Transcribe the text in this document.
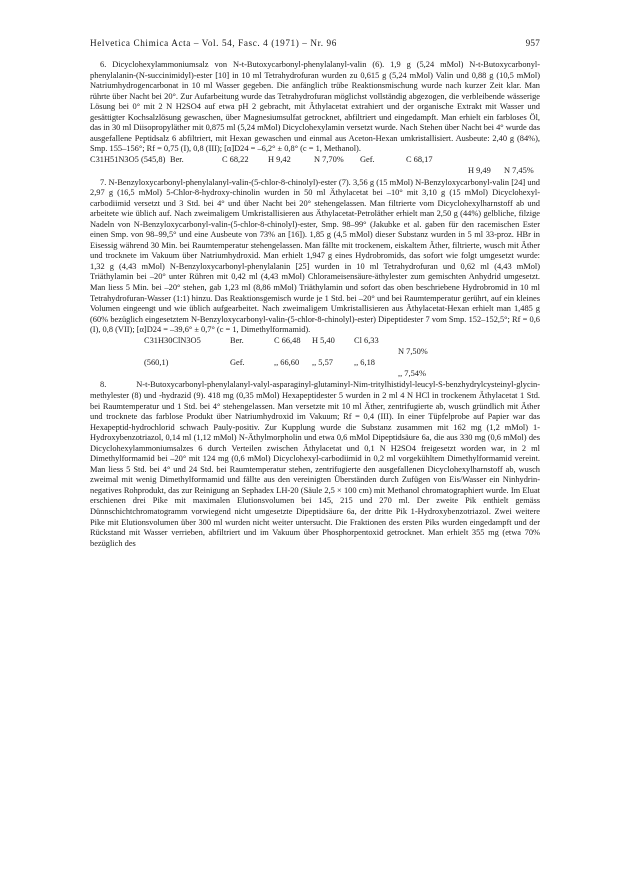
Helvetica Chimica Acta – Vol. 54, Fasc. 4 (1971) – Nr. 96	957

6. Dicyclohexylammoniumsalz von N-t-Butoxycarbonyl-phenylalanyl-valin (6). 1,9 g (5,24 mMol) N-t-Butoxycarbonyl-phenylalanin-(N-succinimidyl)-ester [10] in 10 ml Tetrahydrofuran wurden zu 0,615 g (5,24 mMol) Valin und 0,88 g (10,5 mMol) Natriumhydrogencarbonat in 10 ml Wasser gegeben. Die anfänglich trübe Reaktionsmischung wurde nach kurzer Zeit klar. Man rührte über Nacht bei 20°. Zur Aufarbeitung wurde das Tetrahydrofuran möglichst vollständig abgezogen, die verbleibende wässerige Lösung bei 0° mit 2 N H2SO4 auf etwa pH 2 gebracht, mit Äthylacetat extrahiert und der organische Extrakt mit Wasser und gesättigter Kochsalzlösung gewaschen, über Magnesiumsulfat getrocknet, abfiltriert und eingedampft. Man erhielt ein farbloses Öl, das in 30 ml Diisopropyläther mit 0,875 ml (5,24 mMol) Dicyclohexylamin versetzt wurde. Nach Stehen über Nacht bei 4° wurde das ausgefallene Peptidsalz 6 abfiltriert, mit Hexan gewaschen und einmal aus Aceton-Hexan umkristallisiert. Ausbeute: 2,40 g (84%), Smp. 155–156°; Rf = 0,75 (I), 0,8 (III); [α]D24 = –6,2° ± 0,8° (c = 1, Methanol).

C31H51N3O5 (545,8) Ber.	C 68,22	H 9,42	N 7,70%	Gef.	C 68,17
H 9,49	N 7,45%

7. N-Benzyloxycarbonyl-phenylalanyl-valin-(5-chlor-8-chinolyl)-ester (7). 3,56 g (15 mMol) N-Benzyloxycarbonyl-valin [24] und 2,97 g (16,5 mMol) 5-Chlor-8-hydroxy-chinolin wurden in 50 ml Äthylacetat bei –10° mit 3,10 g (15 mMol) Dicyclohexyl-carbodiimid versetzt und 3 Std. bei 4° und über Nacht bei 20° stehengelassen. Man filtrierte vom Dicyclohexylharnstoff ab und arbeitete wie üblich auf. Nach zweimaligem Umkristallisieren aus Äthylacetat-Petroläther erhielt man 2,50 g (44%) gelbliche, filzige Nadeln von N-Benzyloxycarbonyl-valin-(5-chlor-8-chinolyl)-ester, Smp. 98–99° (Jakubke et al. gaben für den racemischen Ester einen Smp. von 98–99,5° und eine Ausbeute von 73% an [16]). 1,85 g (4,5 mMol) dieser Substanz wurden in 5 ml 33-proz. HBr in Eisessig während 30 Min. bei Raumtemperatur stehengelassen. Man fällte mit trockenem, eiskaltem Äther, filtrierte, wusch mit Äther und trocknete im Vakuum über Natriumhydroxid. Man erhielt 1,947 g eines Hydrobromids, das sofort wie folgt umgesetzt wurde: 1,32 g (4,43 mMol) N-Benzyloxycarbonyl-phenylalanin [25] wurden in 10 ml Tetrahydrofuran und 0,62 ml (4,43 mMol) Triäthylamin bei –20° unter Rühren mit 0,42 ml (4,43 mMol) Chlorameisensäure-äthylester zum gemischten Anhydrid umgesetzt. Man liess 5 Min. bei –20° stehen, gab 1,23 ml (8,86 mMol) Triäthylamin und sofort das oben beschriebene Hydrobromid in 10 ml Tetrahydrofuran-Wasser (1:1) hinzu. Das Reaktionsgemisch wurde je 1 Std. bei –20° und bei Raumtemperatur gerührt, auf ein kleines Volumen eingeengt und wie üblich aufgearbeitet. Nach zweimaligem Umkristallisieren aus Äthylacetat-Hexan erhielt man 1,485 g (60% bezüglich eingesetztem N-Benzyloxycarbonyl-valin-(5-chlor-8-chinolyl)-ester) Dipeptidester 7 vom Smp. 152–152,5°; Rf = 0,6 (I), 0,8 (VII); [α]D24 = –39,6° ± 0,7° (c = 1, Dimethylformamid).

C31H30ClN3O5	Ber.	C 66,48	H 5,40	Cl 6,33
N 7,50%
(560,1)	Gef.	,, 66,60	,, 5,57	,, 6,18
,, 7,54%

8. N-t-Butoxycarbonyl-phenylalanyl-valyl-asparaginyl-glutaminyl-Nim-tritylhistidyl-leucyl-S-benzhydrylcysteinyl-glycin-methylester (8) und -hydrazid (9). 418 mg (0,35 mMol) Hexapeptidester 5 wurden in 2 ml 4 N HCl in trockenem Äthylacetat 1 Std. bei Raumtemperatur und 1 Std. bei 4° stehengelassen. Man versetzte mit 10 ml Äther, zentrifugierte ab, wusch gründlich mit Äther und trocknete das farblose Produkt über Natriumhydroxid im Vakuum; Rf = 0,4 (III). In einer Tüpfelprobe auf Papier war das Hexapeptid-hydrochlorid schwach Pauly-positiv. Zur Kupplung wurde die Substanz zusammen mit 162 mg (1,2 mMol) 1-Hydroxybenzotriazol, 0,14 ml (1,12 mMol) N-Äthylmorpholin und etwa 0,6 mMol Dipeptidsäure 6a, die aus 330 mg (0,6 mMol) des Dicyclohexylammoniumsalzes 6 durch Verteilen zwischen Äthylacetat und 0,1 N H2SO4 freigesetzt worden war, in 2 ml Dimethylformamid bei –20° mit 124 mg (0,6 mMol) Dicyclohexyl-carbodiimid in 0,2 ml vorgekühltem Dimethylformamid vereint. Man liess 5 Std. bei 4° und 24 Std. bei Raumtemperatur stehen, zentrifugierte den ausgefallenen Dicyclohexylharnstoff ab, wusch zweimal mit wenig Dimethylformamid und fällte aus den vereinigten Überständen durch Zufügen von Eis/Wasser ein Ninhydrin-negatives Rohprodukt, das zur Reinigung an Sephadex LH-20 (Säule 2,5 × 100 cm) mit Methanol chromatographiert wurde. Im Eluat erschienen drei Pike mit maximalen Elutionsvolumen bei 145, 215 und 270 ml. Der zweite Pik enthielt gemäss Dünnschichtchromatogramm vorwiegend nicht umgesetzte Dipeptidsäure 6a, der dritte Pik 1-Hydroxybenzotriazol. Zwei weitere Pike mit Elutionsvolumen über 300 ml wurden nicht weiter untersucht. Die Fraktionen des ersten Piks wurden eingedampft und der Rückstand mit Wasser verrieben, abfiltriert und im Vakuum über Phosphorpentoxid getrocknet. Man erhielt 355 mg (etwa 70% bezüglich des
